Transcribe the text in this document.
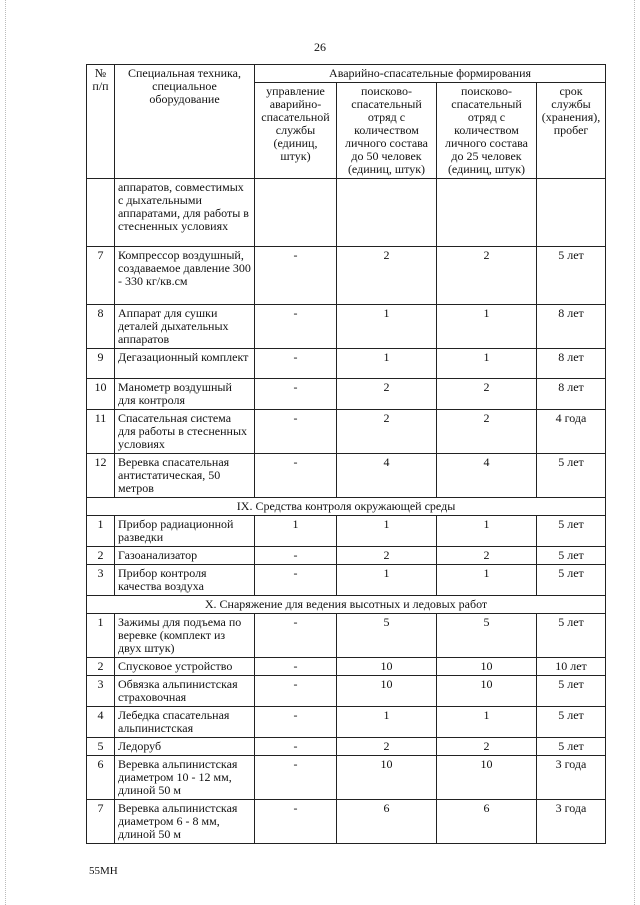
26
№ п/п	Специальная техника, специальное оборудование	Аварийно-спасательные формирования			
		управление аварийно-спасательной службы (единиц, штук)	поисково-спасательный отряд с количеством личного состава до 50 человек (единиц, штук)	поисково-спасательный отряд с количеством личного состава до 25 человек (единиц, штук)	срок службы (хранения), пробег
	аппаратов, совместимых с дыхательными аппаратами, для работы в стесненных условиях				
7	Компрессор воздушный, создаваемое давление 300 - 330 кг/кв.см	-	2	2	5 лет
8	Аппарат для сушки деталей дыхательных аппаратов	-	1	1	8 лет
9	Дегазационный комплект	-	1	1	8 лет
10	Манометр воздушный для контроля	-	2	2	8 лет
11	Спасательная система для работы в стесненных условиях	-	2	2	4 года
12	Веревка спасательная антистатическая, 50 метров	-	4	4	5 лет
IX. Средства контроля окружающей среды					
1	Прибор радиационной разведки	1	1	1	5 лет
2	Газоанализатор	-	2	2	5 лет
3	Прибор контроля качества воздуха	-	1	1	5 лет
X. Снаряжение для ведения высотных и ледовых работ					
1	Зажимы для подъема по веревке (комплект из двух штук)	-	5	5	5 лет
2	Спусковое устройство	-	10	10	10 лет
3	Обвязка альпинистская страховочная	-	10	10	5 лет
4	Лебедка спасательная альпинистская	-	1	1	5 лет
5	Ледоруб	-	2	2	5 лет
6	Веревка альпинистская диаметром 10 - 12 мм, длиной 50 м	-	10	10	3 года
7	Веревка альпинистская диаметром 6 - 8 мм, длиной 50 м	-	6	6	3 года
55МН
